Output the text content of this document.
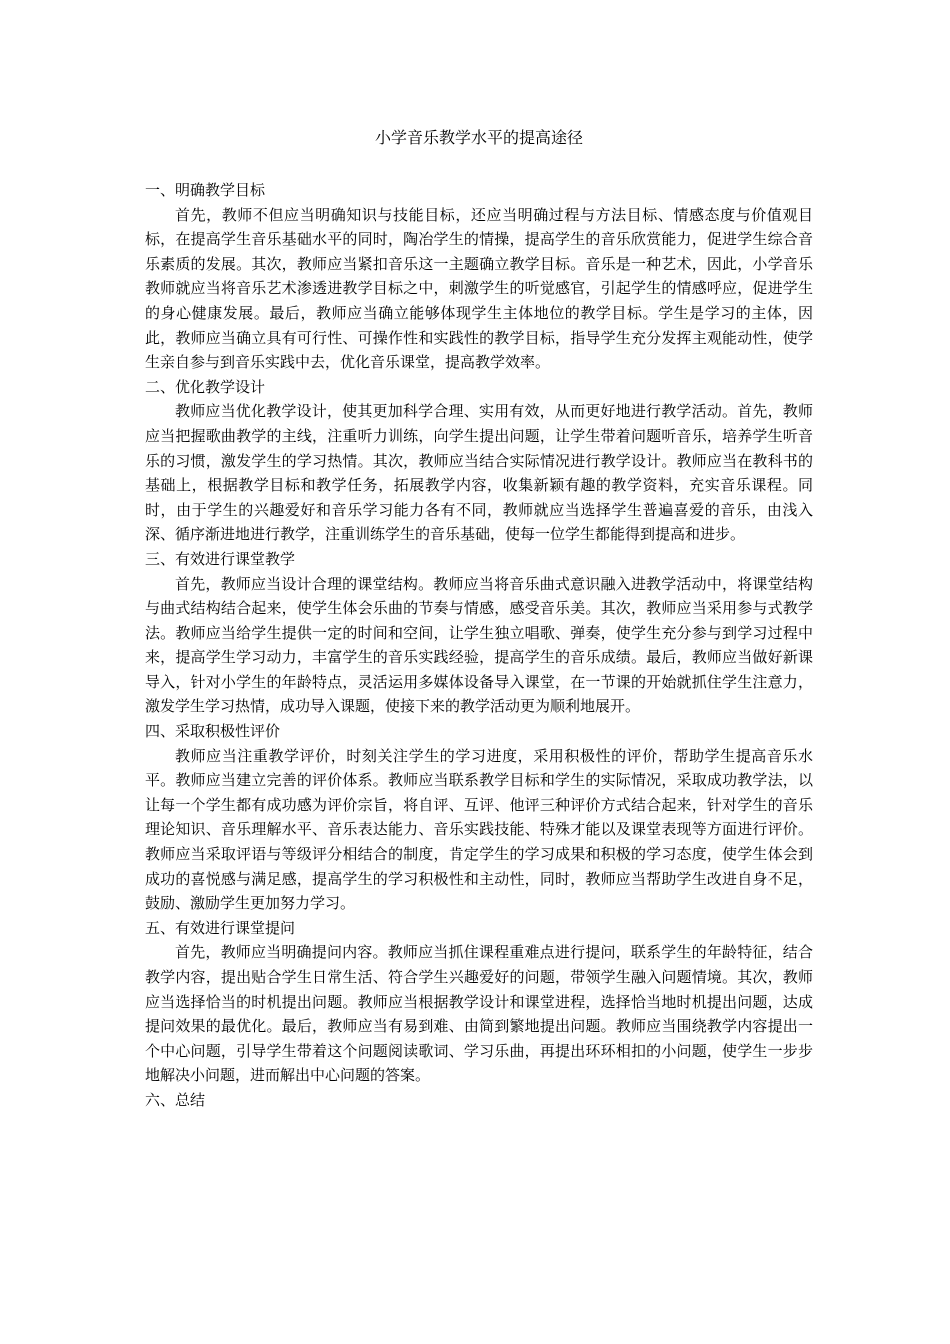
小学音乐教学水平的提高途径
一、明确教学目标

首先，教师不但应当明确知识与技能目标，还应当明确过程与方法目标、情感态度与价值观目标，在提高学生音乐基础水平的同时，陶冶学生的情操，提高学生的音乐欣赏能力，促进学生综合音乐素质的发展。其次，教师应当紧扣音乐这一主题确立教学目标。音乐是一种艺术，因此，小学音乐教师就应当将音乐艺术渗透进教学目标之中，刺激学生的听觉感官，引起学生的情感呼应，促进学生的身心健康发展。最后，教师应当确立能够体现学生主体地位的教学目标。学生是学习的主体，因此，教师应当确立具有可行性、可操作性和实践性的教学目标，指导学生充分发挥主观能动性，使学生亲自参与到音乐实践中去，优化音乐课堂，提高教学效率。

二、优化教学设计

教师应当优化教学设计，使其更加科学合理、实用有效，从而更好地进行教学活动。首先，教师应当把握歌曲教学的主线，注重听力训练，向学生提出问题，让学生带着问题听音乐，培养学生听音乐的习惯，激发学生的学习热情。其次，教师应当结合实际情况进行教学设计。教师应当在教科书的基础上，根据教学目标和教学任务，拓展教学内容，收集新颖有趣的教学资料，充实音乐课程。同时，由于学生的兴趣爱好和音乐学习能力各有不同，教师就应当选择学生普遍喜爱的音乐，由浅入深、循序渐进地进行教学，注重训练学生的音乐基础，使每一位学生都能得到提高和进步。

三、有效进行课堂教学

首先，教师应当设计合理的课堂结构。教师应当将音乐曲式意识融入进教学活动中，将课堂结构与曲式结构结合起来，使学生体会乐曲的节奏与情感，感受音乐美。其次，教师应当采用参与式教学法。教师应当给学生提供一定的时间和空间，让学生独立唱歌、弹奏，使学生充分参与到学习过程中来，提高学生学习动力，丰富学生的音乐实践经验，提高学生的音乐成绩。最后，教师应当做好新课导入，针对小学生的年龄特点，灵活运用多媒体设备导入课堂，在一节课的开始就抓住学生注意力，激发学生学习热情，成功导入课题，使接下来的教学活动更为顺利地展开。

四、采取积极性评价

教师应当注重教学评价，时刻关注学生的学习进度，采用积极性的评价，帮助学生提高音乐水平。教师应当建立完善的评价体系。教师应当联系教学目标和学生的实际情况，采取成功教学法，以让每一个学生都有成功感为评价宗旨，将自评、互评、他评三种评价方式结合起来，针对学生的音乐理论知识、音乐理解水平、音乐表达能力、音乐实践技能、特殊才能以及课堂表现等方面进行评价。教师应当采取评语与等级评分相结合的制度，肯定学生的学习成果和积极的学习态度，使学生体会到成功的喜悦感与满足感，提高学生的学习积极性和主动性，同时，教师应当帮助学生改进自身不足，鼓励、激励学生更加努力学习。

五、有效进行课堂提问

首先，教师应当明确提问内容。教师应当抓住课程重难点进行提问，联系学生的年龄特征，结合教学内容，提出贴合学生日常生活、符合学生兴趣爱好的问题，带领学生融入问题情境。其次，教师应当选择恰当的时机提出问题。教师应当根据教学设计和课堂进程，选择恰当地时机提出问题，达成提问效果的最优化。最后，教师应当有易到难、由简到繁地提出问题。教师应当围绕教学内容提出一个中心问题，引导学生带着这个问题阅读歌词、学习乐曲，再提出环环相扣的小问题，使学生一步步地解决小问题，进而解出中心问题的答案。

六、总结
